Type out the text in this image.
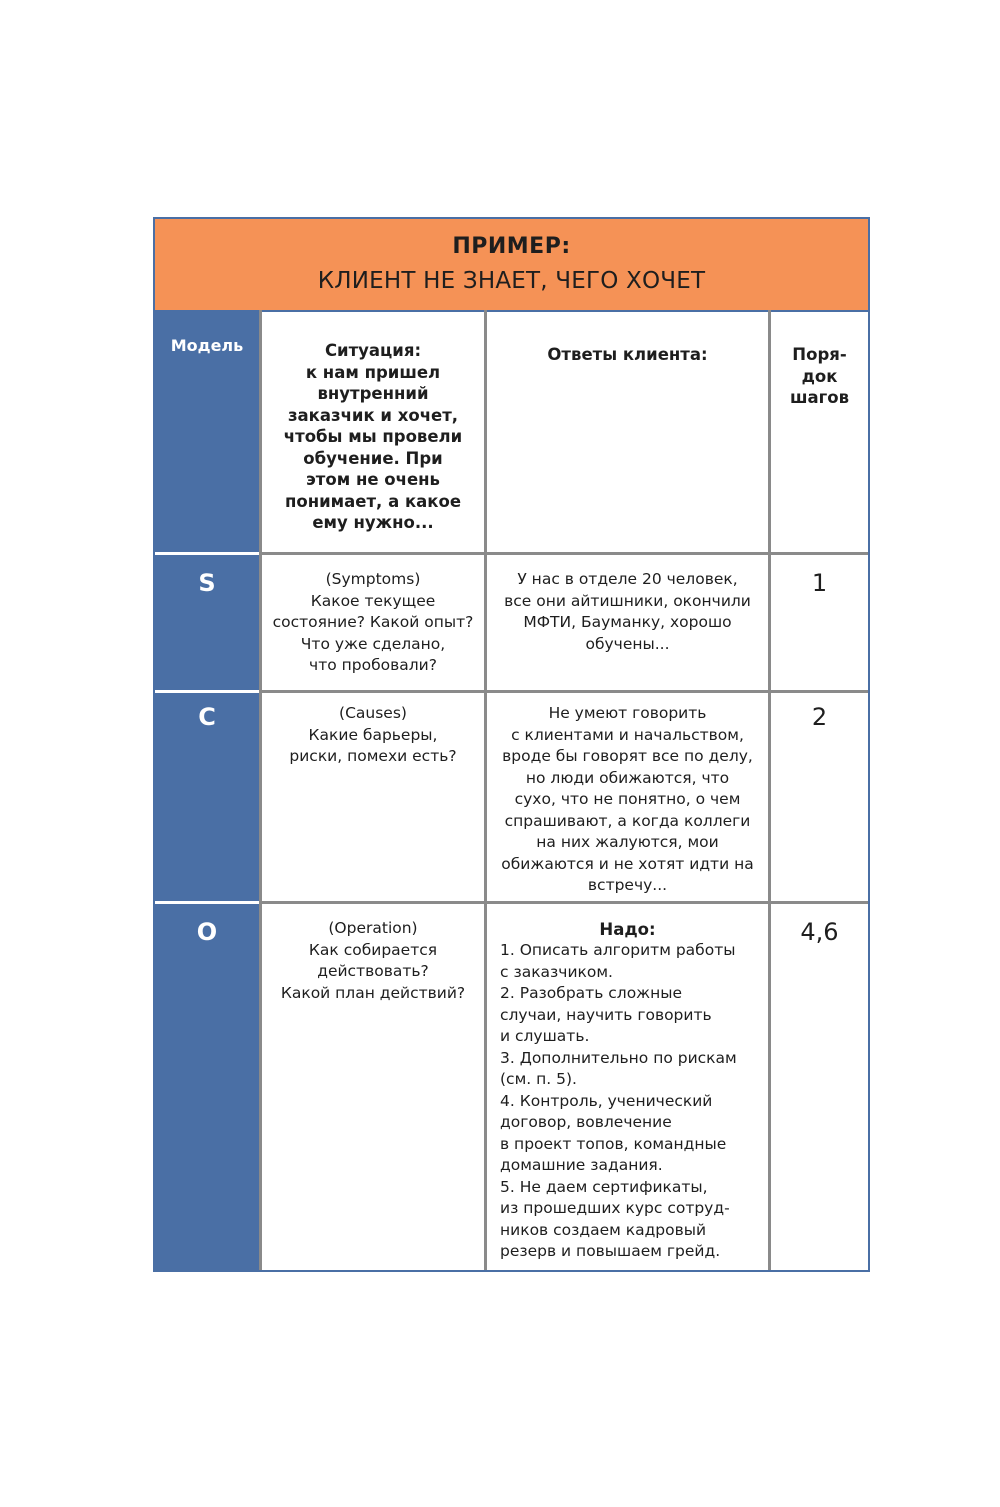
ПРИМЕР:
КЛИЕНТ НЕ ЗНАЕТ, ЧЕГО ХОЧЕТ
Модель
S
C
O
Ситуация:
к нам пришел
внутренний
заказчик и хочет,
чтобы мы провели
обучение. При
этом не очень
понимает, а какое
ему нужно...
Ответы клиента:	Поря-
док
шагов
(Symptoms)
Какое текущее
состояние? Какой опыт?
Что уже сделано,
что пробовали?
У нас в отделе 20 человек,
все они айтишники, окончили
МФТИ, Бауманку, хорошо
обучены...
1
(Causes)
Какие барьеры,
риски, помехи есть?
Не умеют говорить
с клиентами и начальством,
вроде бы говорят все по делу,
но люди обижаются, что
сухо, что не понятно, о чем
спрашивают, а когда коллеги
на них жалуются, мои
обижаются и не хотят идти на
встречу...
2
(Operation)
Как собирается
действовать?
Какой план действий?
Надо:
1. Описать алгоритм работы
с заказчиком.
2. Разобрать сложные
случаи, научить говорить
и слушать.
3. Дополнительно по рискам
(см. п. 5).
4. Контроль, ученический
договор, вовлечение
в проект топов, командные
домашние задания.
5. Не даем сертификаты,
из прошедших курс сотруд-
ников создаем кадровый
резерв и повышаем грейд.
4,6
